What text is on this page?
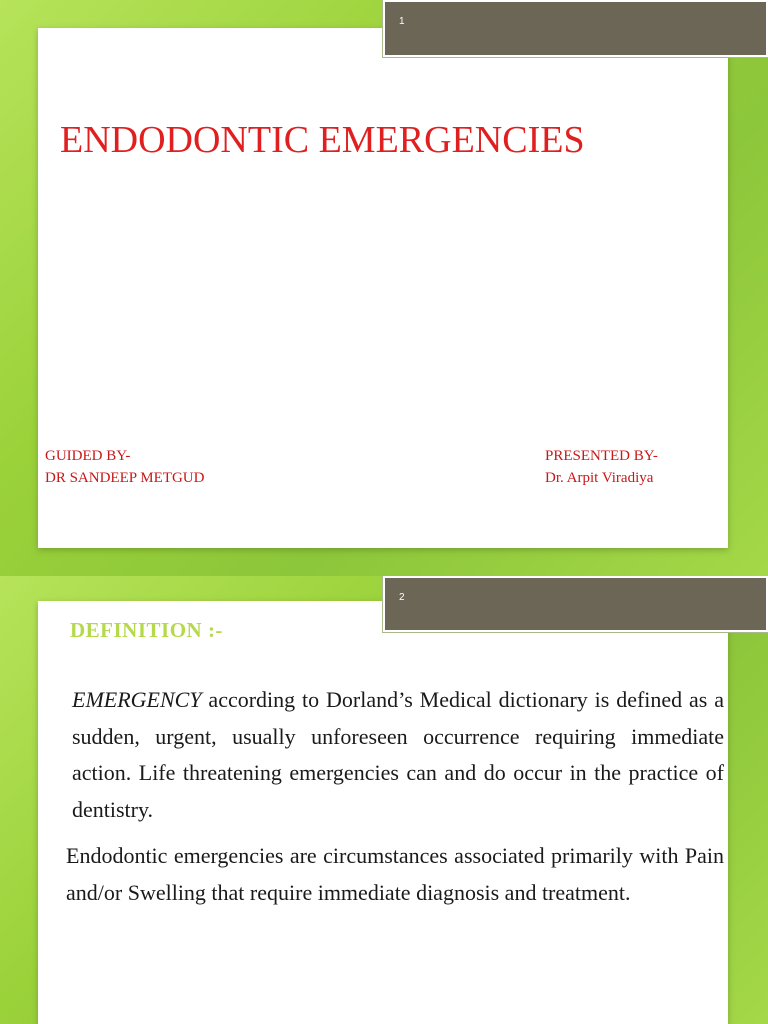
1
ENDODONTIC EMERGENCIES
GUIDED BY-
DR SANDEEP METGUD
PRESENTED BY-
Dr. Arpit Viradiya
2
DEFINITION :-
EMERGENCY according to Dorland’s Medical dictionary is defined as a sudden, urgent, usually unforeseen occurrence requiring immediate action. Life threatening emergencies can and do occur in the practice of dentistry.
Endodontic emergencies are circumstances associated primarily with Pain and/or Swelling that require immediate diagnosis and treatment.
